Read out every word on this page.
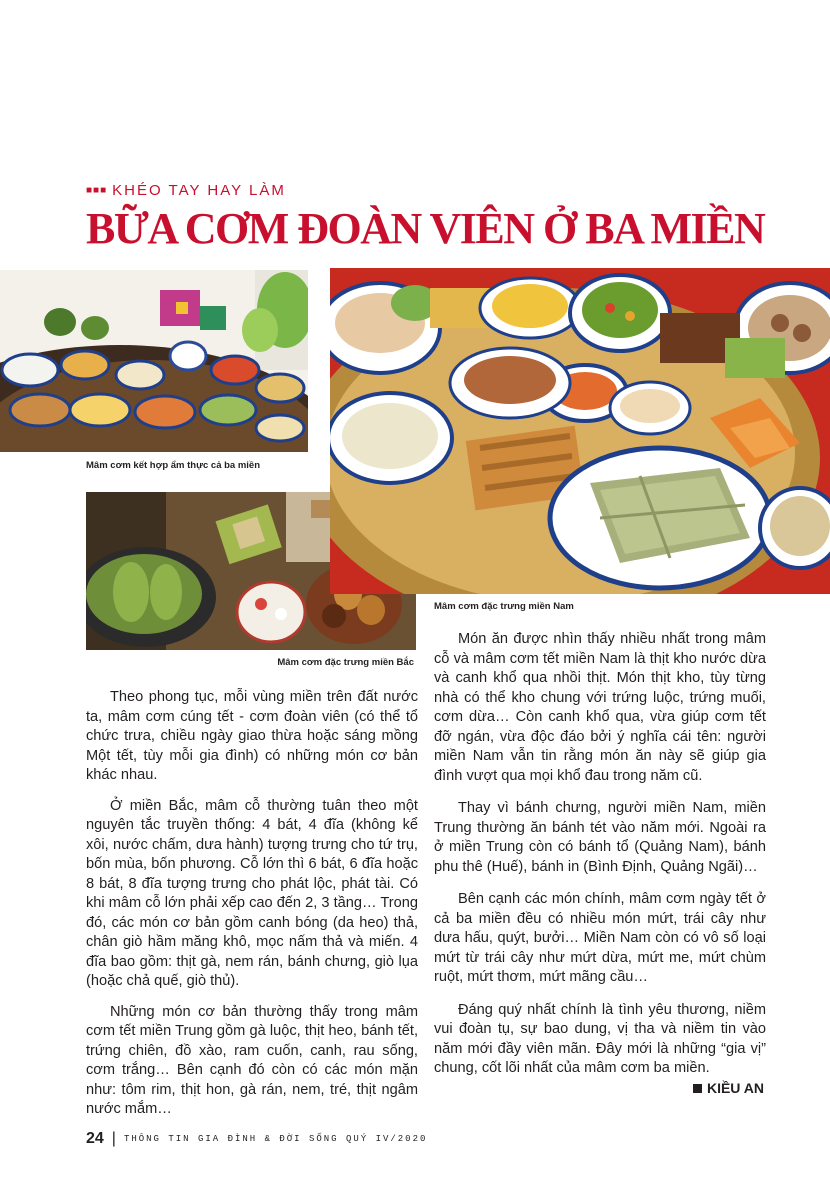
■■■ KHÉO TAY HAY LÀM
BỮA CƠM ĐOÀN VIÊN Ở BA MIỀN
Mâm cơm kết hợp ẩm thực cả ba miền
Mâm cơm đặc trưng miền Bắc
Mâm cơm đặc trưng miền Nam

Theo phong tục, mỗi vùng miền trên đất nước ta, mâm cơm cúng tết - cơm đoàn viên (có thể tổ chức trưa, chiều ngày giao thừa hoặc sáng mồng Một tết, tùy mỗi gia đình) có những món cơ bản khác nhau.

Ở miền Bắc, mâm cỗ thường tuân theo một nguyên tắc truyền thống: 4 bát, 4 đĩa (không kể xôi, nước chấm, dưa hành) tượng trưng cho tứ trụ, bốn mùa, bốn phương. Cỗ lớn thì 6 bát, 6 đĩa hoặc 8 bát, 8 đĩa tượng trưng cho phát lộc, phát tài. Có khi mâm cỗ lớn phải xếp cao đến 2, 3 tầng… Trong đó, các món cơ bản gồm canh bóng (da heo) thả, chân giò hầm măng khô, mọc nấm thả và miến. 4 đĩa bao gồm: thịt gà, nem rán, bánh chưng, giò lụa (hoặc chả quế, giò thủ).

Những món cơ bản thường thấy trong mâm cơm tết miền Trung gồm gà luộc, thịt heo, bánh tết, trứng chiên, đồ xào, ram cuốn, canh, rau sống, cơm trắng… Bên cạnh đó còn có các món mặn như: tôm rim, thịt hon, gà rán, nem, tré, thịt ngâm nước mắm…

Món ăn được nhìn thấy nhiều nhất trong mâm cỗ và mâm cơm tết miền Nam là thịt kho nước dừa và canh khổ qua nhồi thịt. Món thịt kho, tùy từng nhà có thể kho chung với trứng luộc, trứng muối, cơm dừa… Còn canh khổ qua, vừa giúp cơm tết đỡ ngán, vừa độc đáo bởi ý nghĩa cái tên: người miền Nam vẫn tin rằng món ăn này sẽ giúp gia đình vượt qua mọi khổ đau trong năm cũ.

Thay vì bánh chưng, người miền Nam, miền Trung thường ăn bánh tét vào năm mới. Ngoài ra ở miền Trung còn có bánh tổ (Quảng Nam), bánh phu thê (Huế), bánh in (Bình Định, Quảng Ngãi)…

Bên cạnh các món chính, mâm cơm ngày tết ở cả ba miền đều có nhiều món mứt, trái cây như dưa hấu, quýt, bưởi… Miền Nam còn có vô số loại mứt từ trái cây như mứt dừa, mứt me, mứt chùm ruột, mứt thơm, mứt mãng cầu…

Đáng quý nhất chính là tình yêu thương, niềm vui đoàn tụ, sự bao dung, vị tha và niềm tin vào năm mới đầy viên mãn. Đây mới là những “gia vị” chung, cốt lõi nhất của mâm cơm ba miền.

KIỀU AN
24 | THÔNG TIN GIA ĐÌNH & ĐỜI SỐNG QUÝ IV/2020
